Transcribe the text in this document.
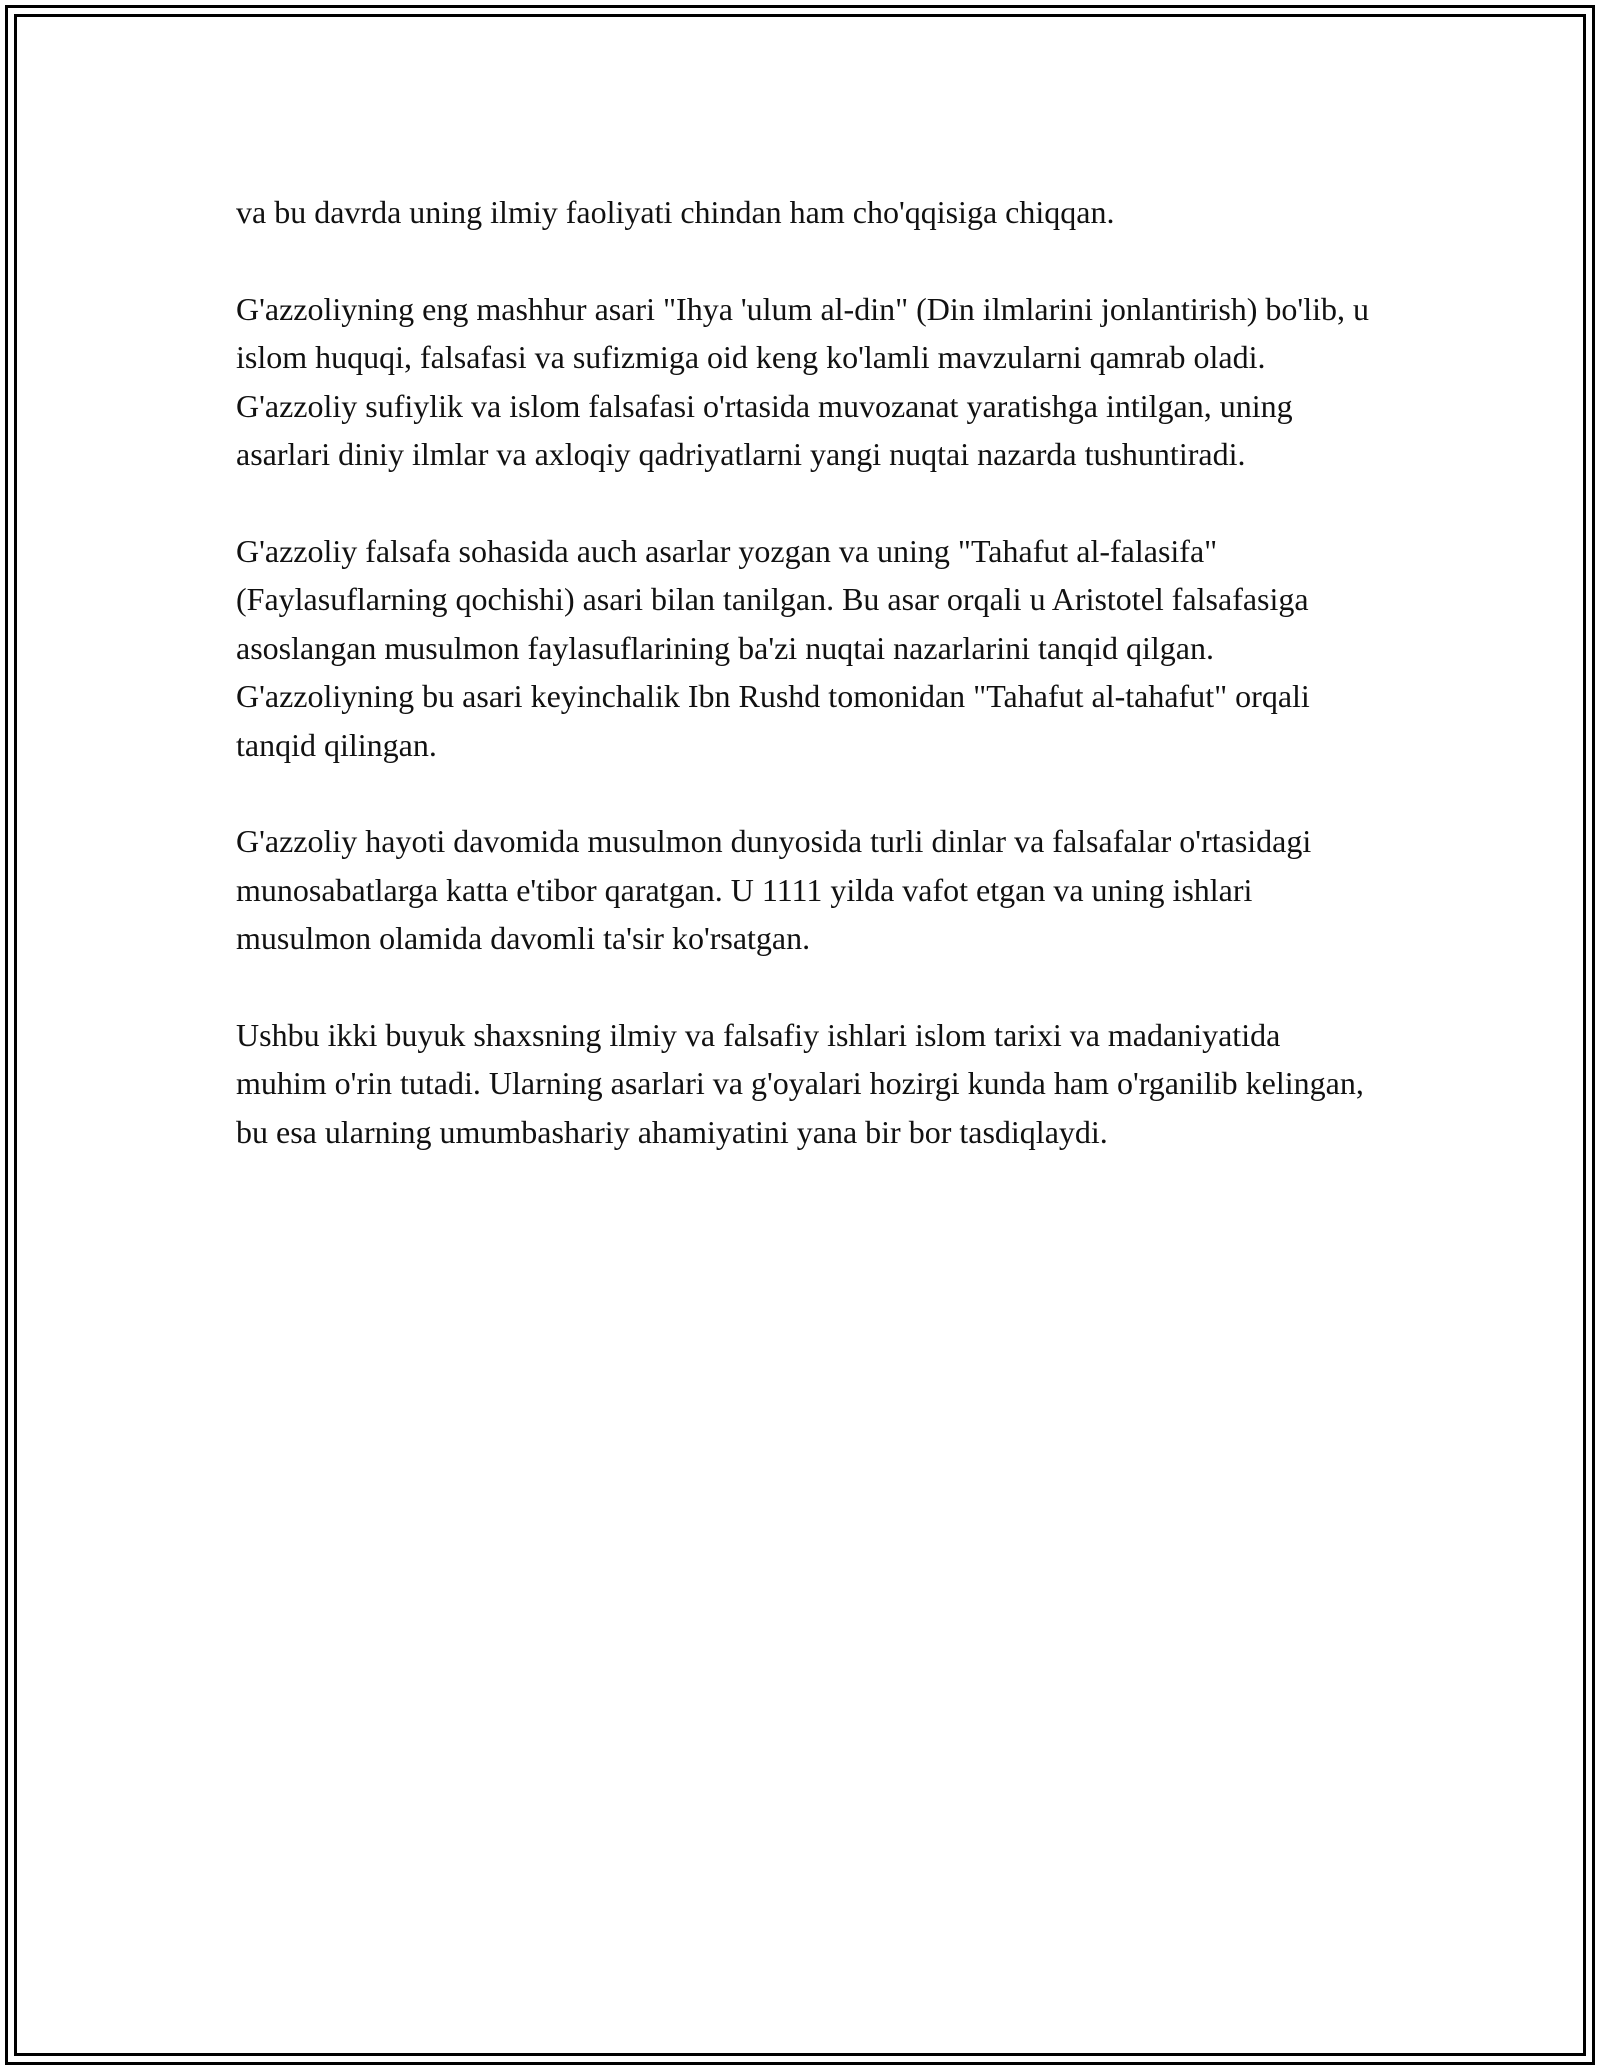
va bu davrda uning ilmiy faoliyati chindan ham cho'qqisiga chiqqan.

G'azzoliyning eng mashhur asari "Ihya 'ulum al-din" (Din ilmlarini jonlantirish) bo'lib, u islom huquqi, falsafasi va sufizmiga oid keng ko'lamli mavzularni qamrab oladi. G'azzoliy sufiylik va islom falsafasi o'rtasida muvozanat yaratishga intilgan, uning asarlari diniy ilmlar va axloqiy qadriyatlarni yangi nuqtai nazarda tushuntiradi.

G'azzoliy falsafa sohasida auch asarlar yozgan va uning "Tahafut al-falasifa" (Faylasuflarning qochishi) asari bilan tanilgan. Bu asar orqali u Aristotel falsafasiga asoslangan musulmon faylasuflarining ba'zi nuqtai nazarlarini tanqid qilgan. G'azzoliyning bu asari keyinchalik Ibn Rushd tomonidan "Tahafut al-tahafut" orqali tanqid qilingan.

G'azzoliy hayoti davomida musulmon dunyosida turli dinlar va falsafalar o'rtasidagi munosabatlarga katta e'tibor qaratgan. U 1111 yilda vafot etgan va uning ishlari musulmon olamida davomli ta'sir ko'rsatgan.

Ushbu ikki buyuk shaxsning ilmiy va falsafiy ishlari islom tarixi va madaniyatida muhim o'rin tutadi. Ularning asarlari va g'oyalari hozirgi kunda ham o'rganilib kelingan, bu esa ularning umumbashariy ahamiyatini yana bir bor tasdiqlaydi.
